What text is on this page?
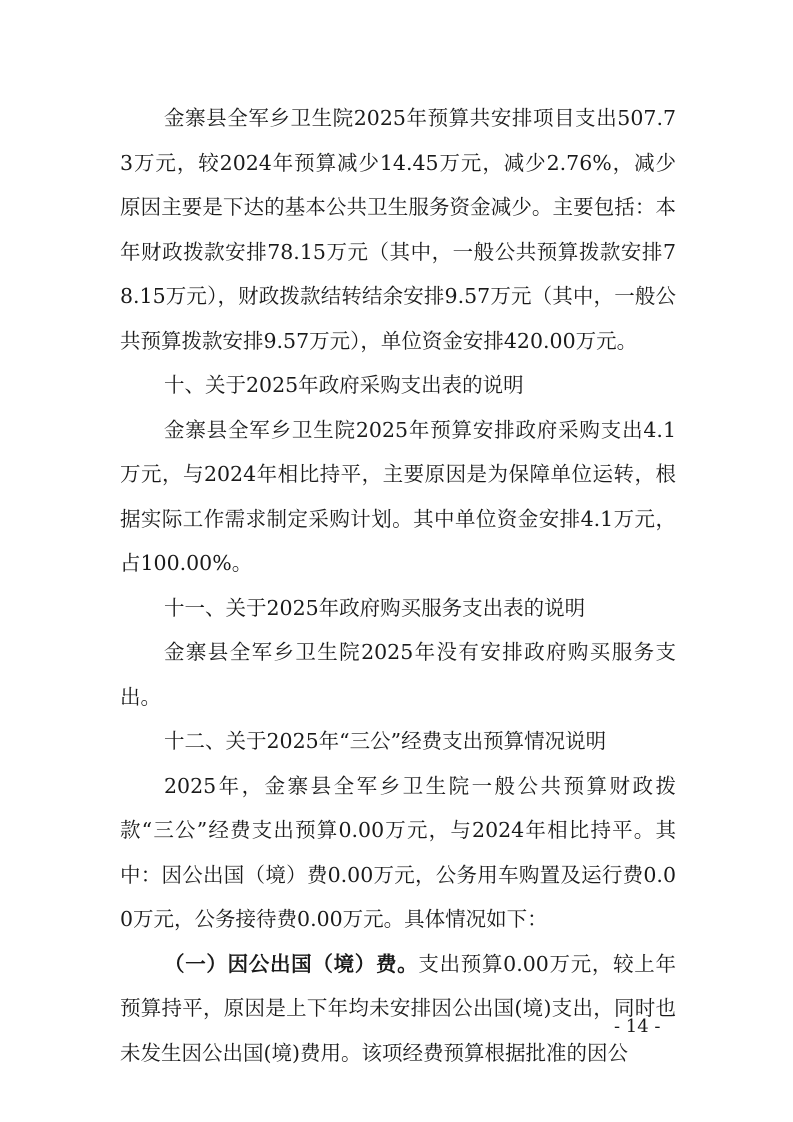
金寨县全军乡卫生院2025年预算共安排项目支出507.73万元，较2024年预算减少14.45万元，减少2.76%，减少原因主要是下达的基本公共卫生服务资金减少。主要包括：本年财政拨款安排78.15万元（其中，一般公共预算拨款安排78.15万元），财政拨款结转结余安排9.57万元（其中，一般公共预算拨款安排9.57万元），单位资金安排420.00万元。

十、关于2025年政府采购支出表的说明

金寨县全军乡卫生院2025年预算安排政府采购支出4.1万元，与2024年相比持平，主要原因是为保障单位运转，根据实际工作需求制定采购计划。其中单位资金安排4.1万元，占100.00%。

十一、关于2025年政府购买服务支出表的说明

金寨县全军乡卫生院2025年没有安排政府购买服务支出。

十二、关于2025年“三公”经费支出预算情况说明

2025年，金寨县全军乡卫生院一般公共预算财政拨款“三公”经费支出预算0.00万元，与2024年相比持平。其中：因公出国（境）费0.00万元，公务用车购置及运行费0.00万元，公务接待费0.00万元。具体情况如下：

（一）因公出国（境）费。支出预算0.00万元，较上年预算持平，原因是上下年均未安排因公出国(境)支出，同时也未发生因公出国(境)费用。该项经费预算根据批准的因公

- 14 -
